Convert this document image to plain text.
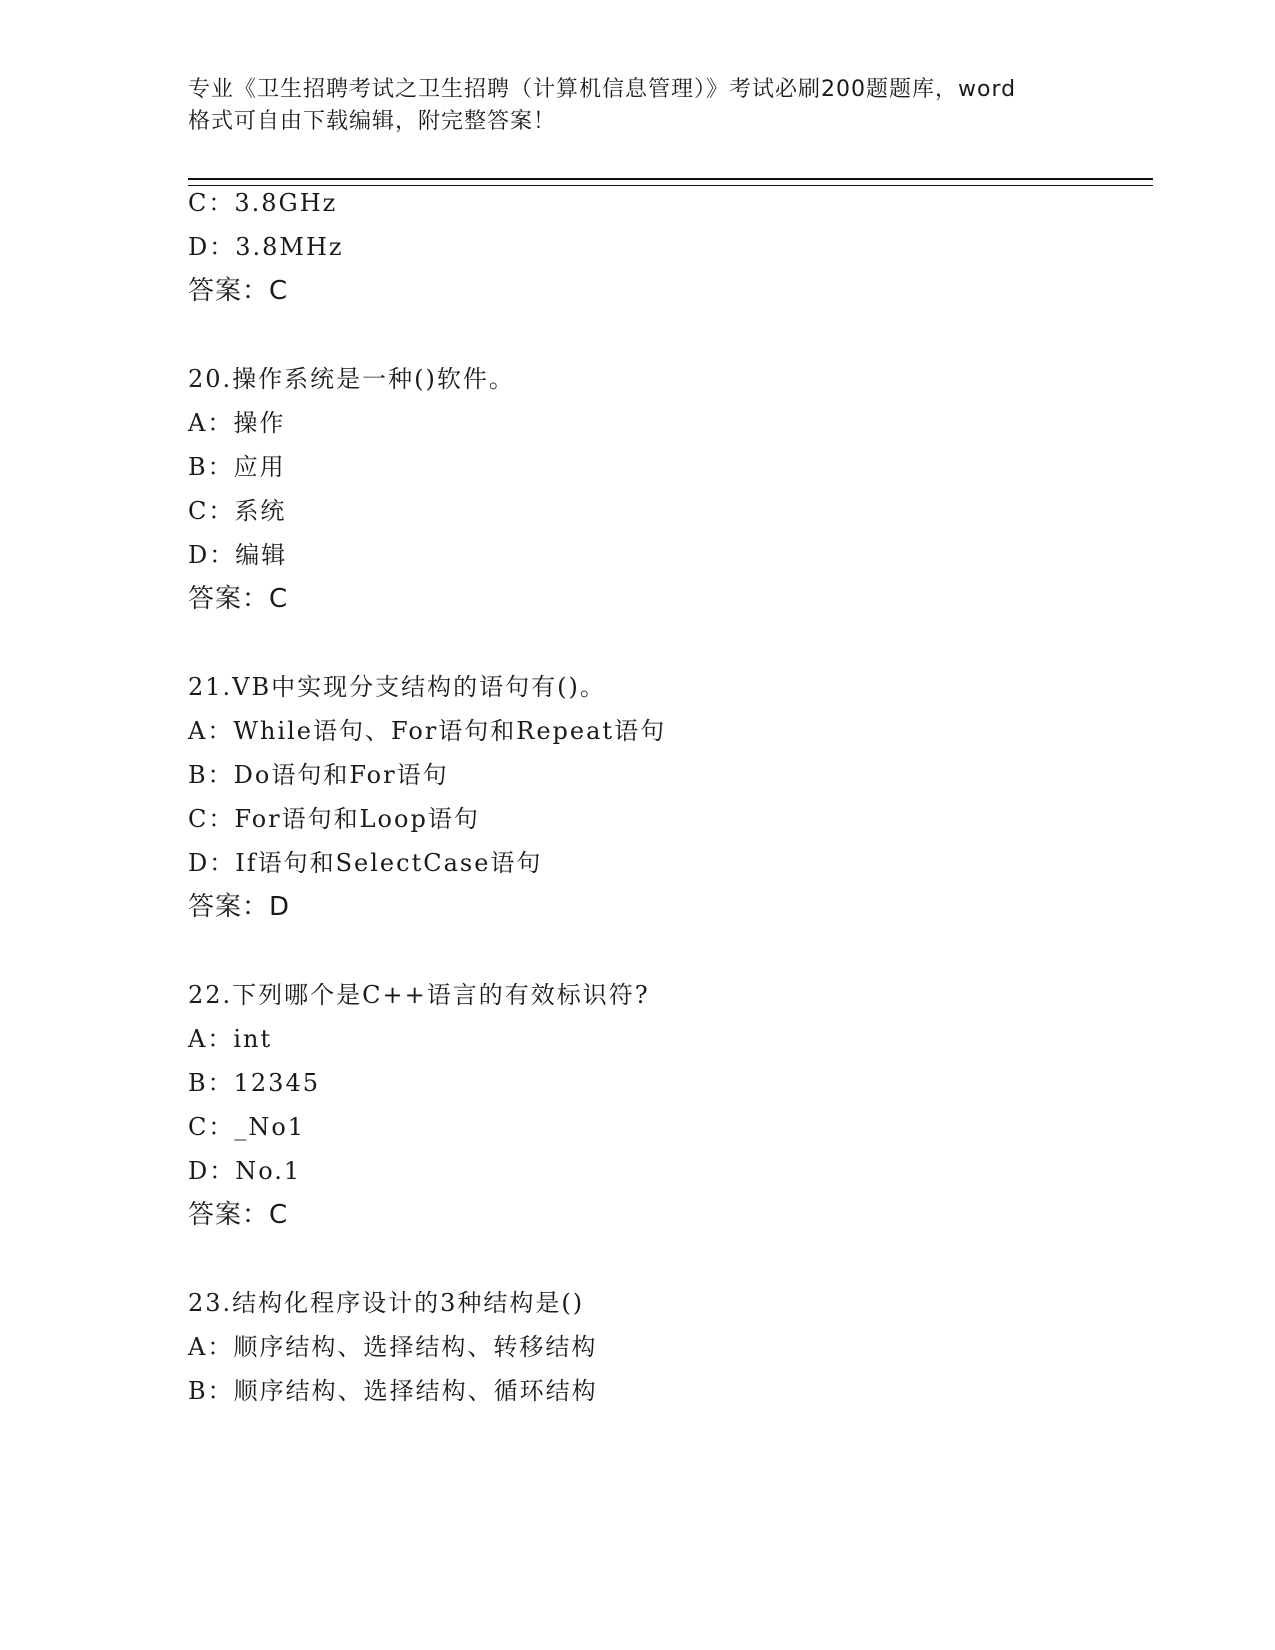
专业《卫生招聘考试之卫生招聘（计算机信息管理）》考试必刷200题题库，word
格式可自由下载编辑，附完整答案！
C：3.8GHz
D：3.8MHz
答案：C
20.操作系统是一种()软件。
A：操作
B：应用
C：系统
D：编辑
答案：C
21.VB中实现分支结构的语句有()。
A：While语句、For语句和Repeat语句
B：Do语句和For语句
C：For语句和Loop语句
D：If语句和SelectCase语句
答案：D
22.下列哪个是C++语言的有效标识符?
A：int
B：12345
C：_No1
D：No.1
答案：C
23.结构化程序设计的3种结构是()
A：顺序结构、选择结构、转移结构
B：顺序结构、选择结构、循环结构
